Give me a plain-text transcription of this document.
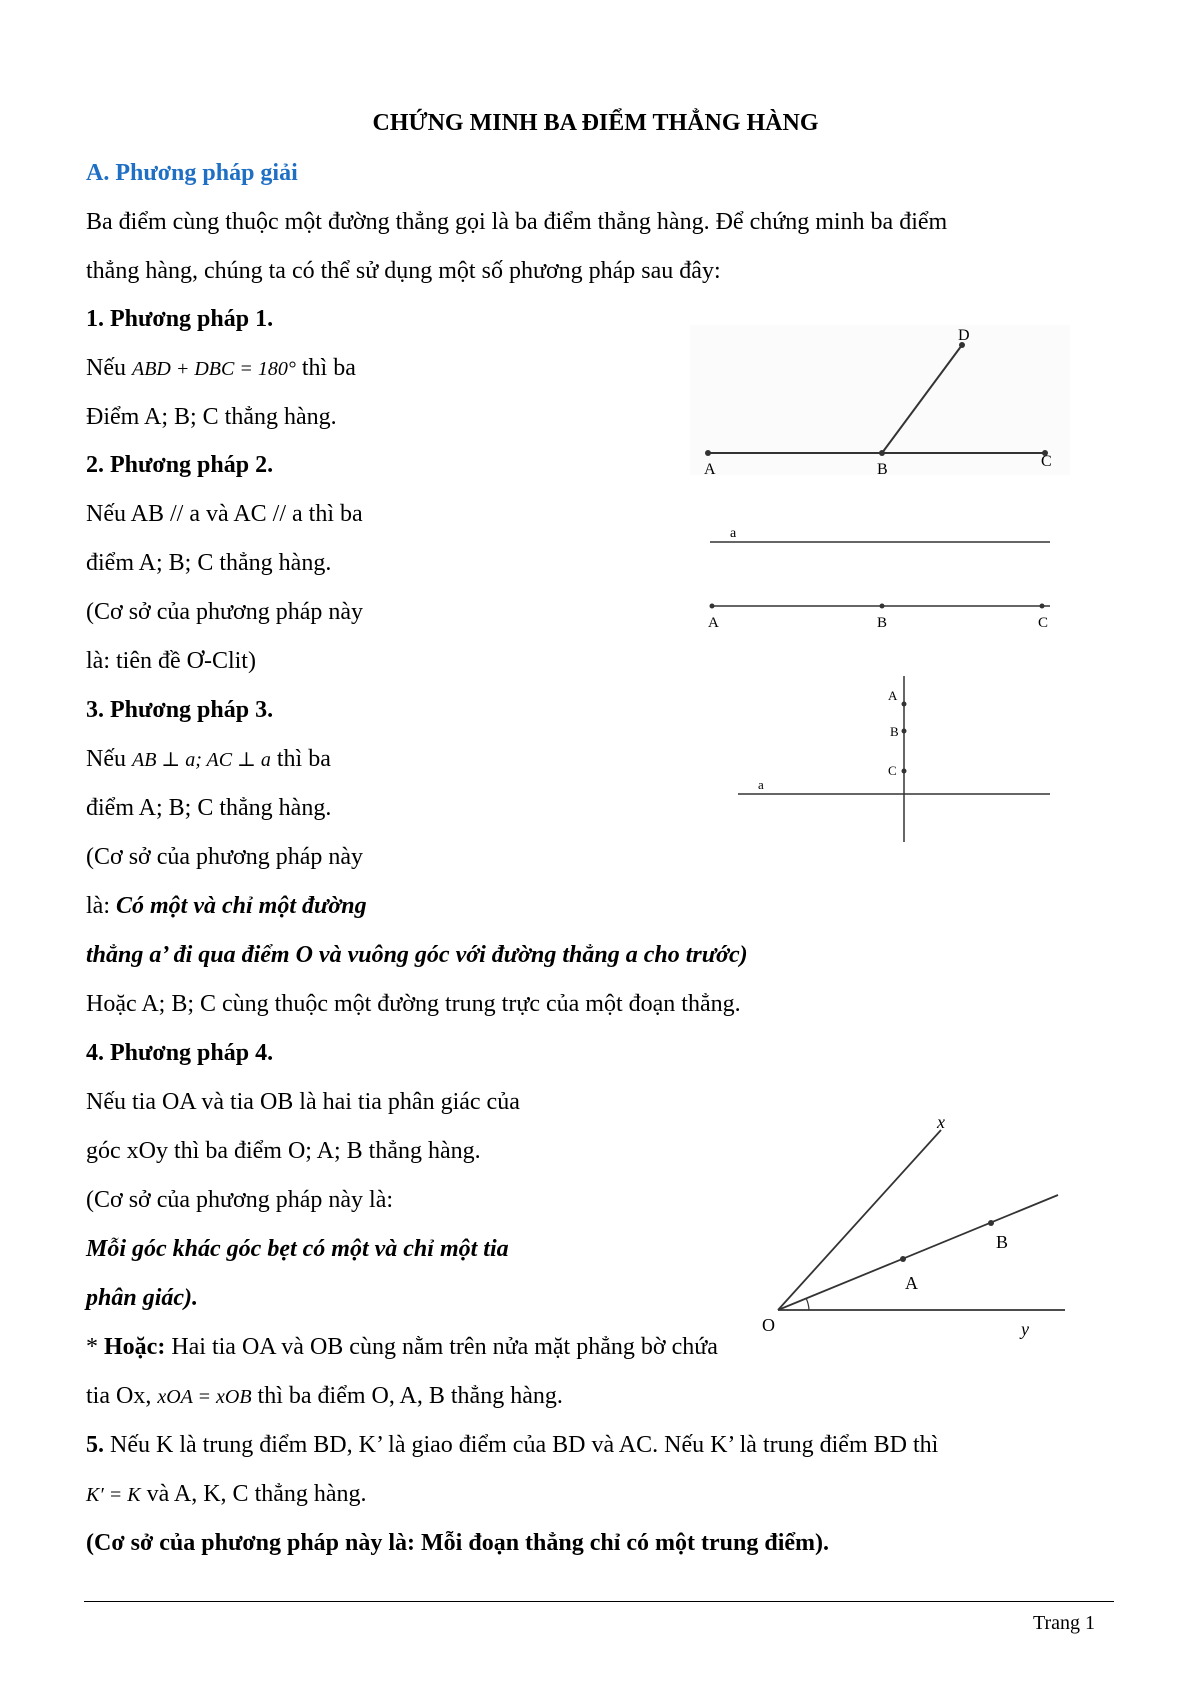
CHỨNG MINH BA ĐIỂM THẲNG HÀNG
A. Phương pháp giải
Ba điểm cùng thuộc một đường thẳng gọi là ba điểm thẳng hàng. Để chứng minh ba điểm
thẳng hàng, chúng ta có thể sử dụng một số phương pháp sau đây:
1. Phương pháp 1.
Nếu ABD + DBC = 180° thì ba
Điểm A; B; C thẳng hàng.
2. Phương pháp 2.
Nếu AB // a và AC // a thì ba
điểm A; B; C thẳng hàng.
(Cơ sở của phương pháp này
là: tiên đề Ơ-Clit)
3. Phương pháp 3.
Nếu AB ⊥ a; AC ⊥ a thì ba
điểm A; B; C thẳng hàng.
(Cơ sở của phương pháp này
là: Có một và chỉ một đường
thẳng a’ đi qua điểm O và vuông góc với đường thẳng a cho trước)
Hoặc A; B; C cùng thuộc một đường trung trực của một đoạn thẳng.
4. Phương pháp 4.
Nếu tia OA và tia OB là hai tia phân giác của
góc xOy thì ba điểm O; A; B thẳng hàng.
(Cơ sở của phương pháp này là:
Mỗi góc khác góc bẹt có một và chỉ một tia
phân giác).
* Hoặc: Hai tia OA và OB cùng nằm trên nửa mặt phẳng bờ chứa
tia Ox, xOA = xOB thì ba điểm O, A, B thẳng hàng.
5. Nếu K là trung điểm BD, K’ là giao điểm của BD và AC. Nếu K’ là trung điểm BD thì
K′ = K và A, K, C thẳng hàng.
(Cơ sở của phương pháp này là: Mỗi đoạn thẳng chỉ có một trung điểm).
A	B	C
D
a
A	B	C
A
B
C
a
x
y
O
A
B
Trang 1
